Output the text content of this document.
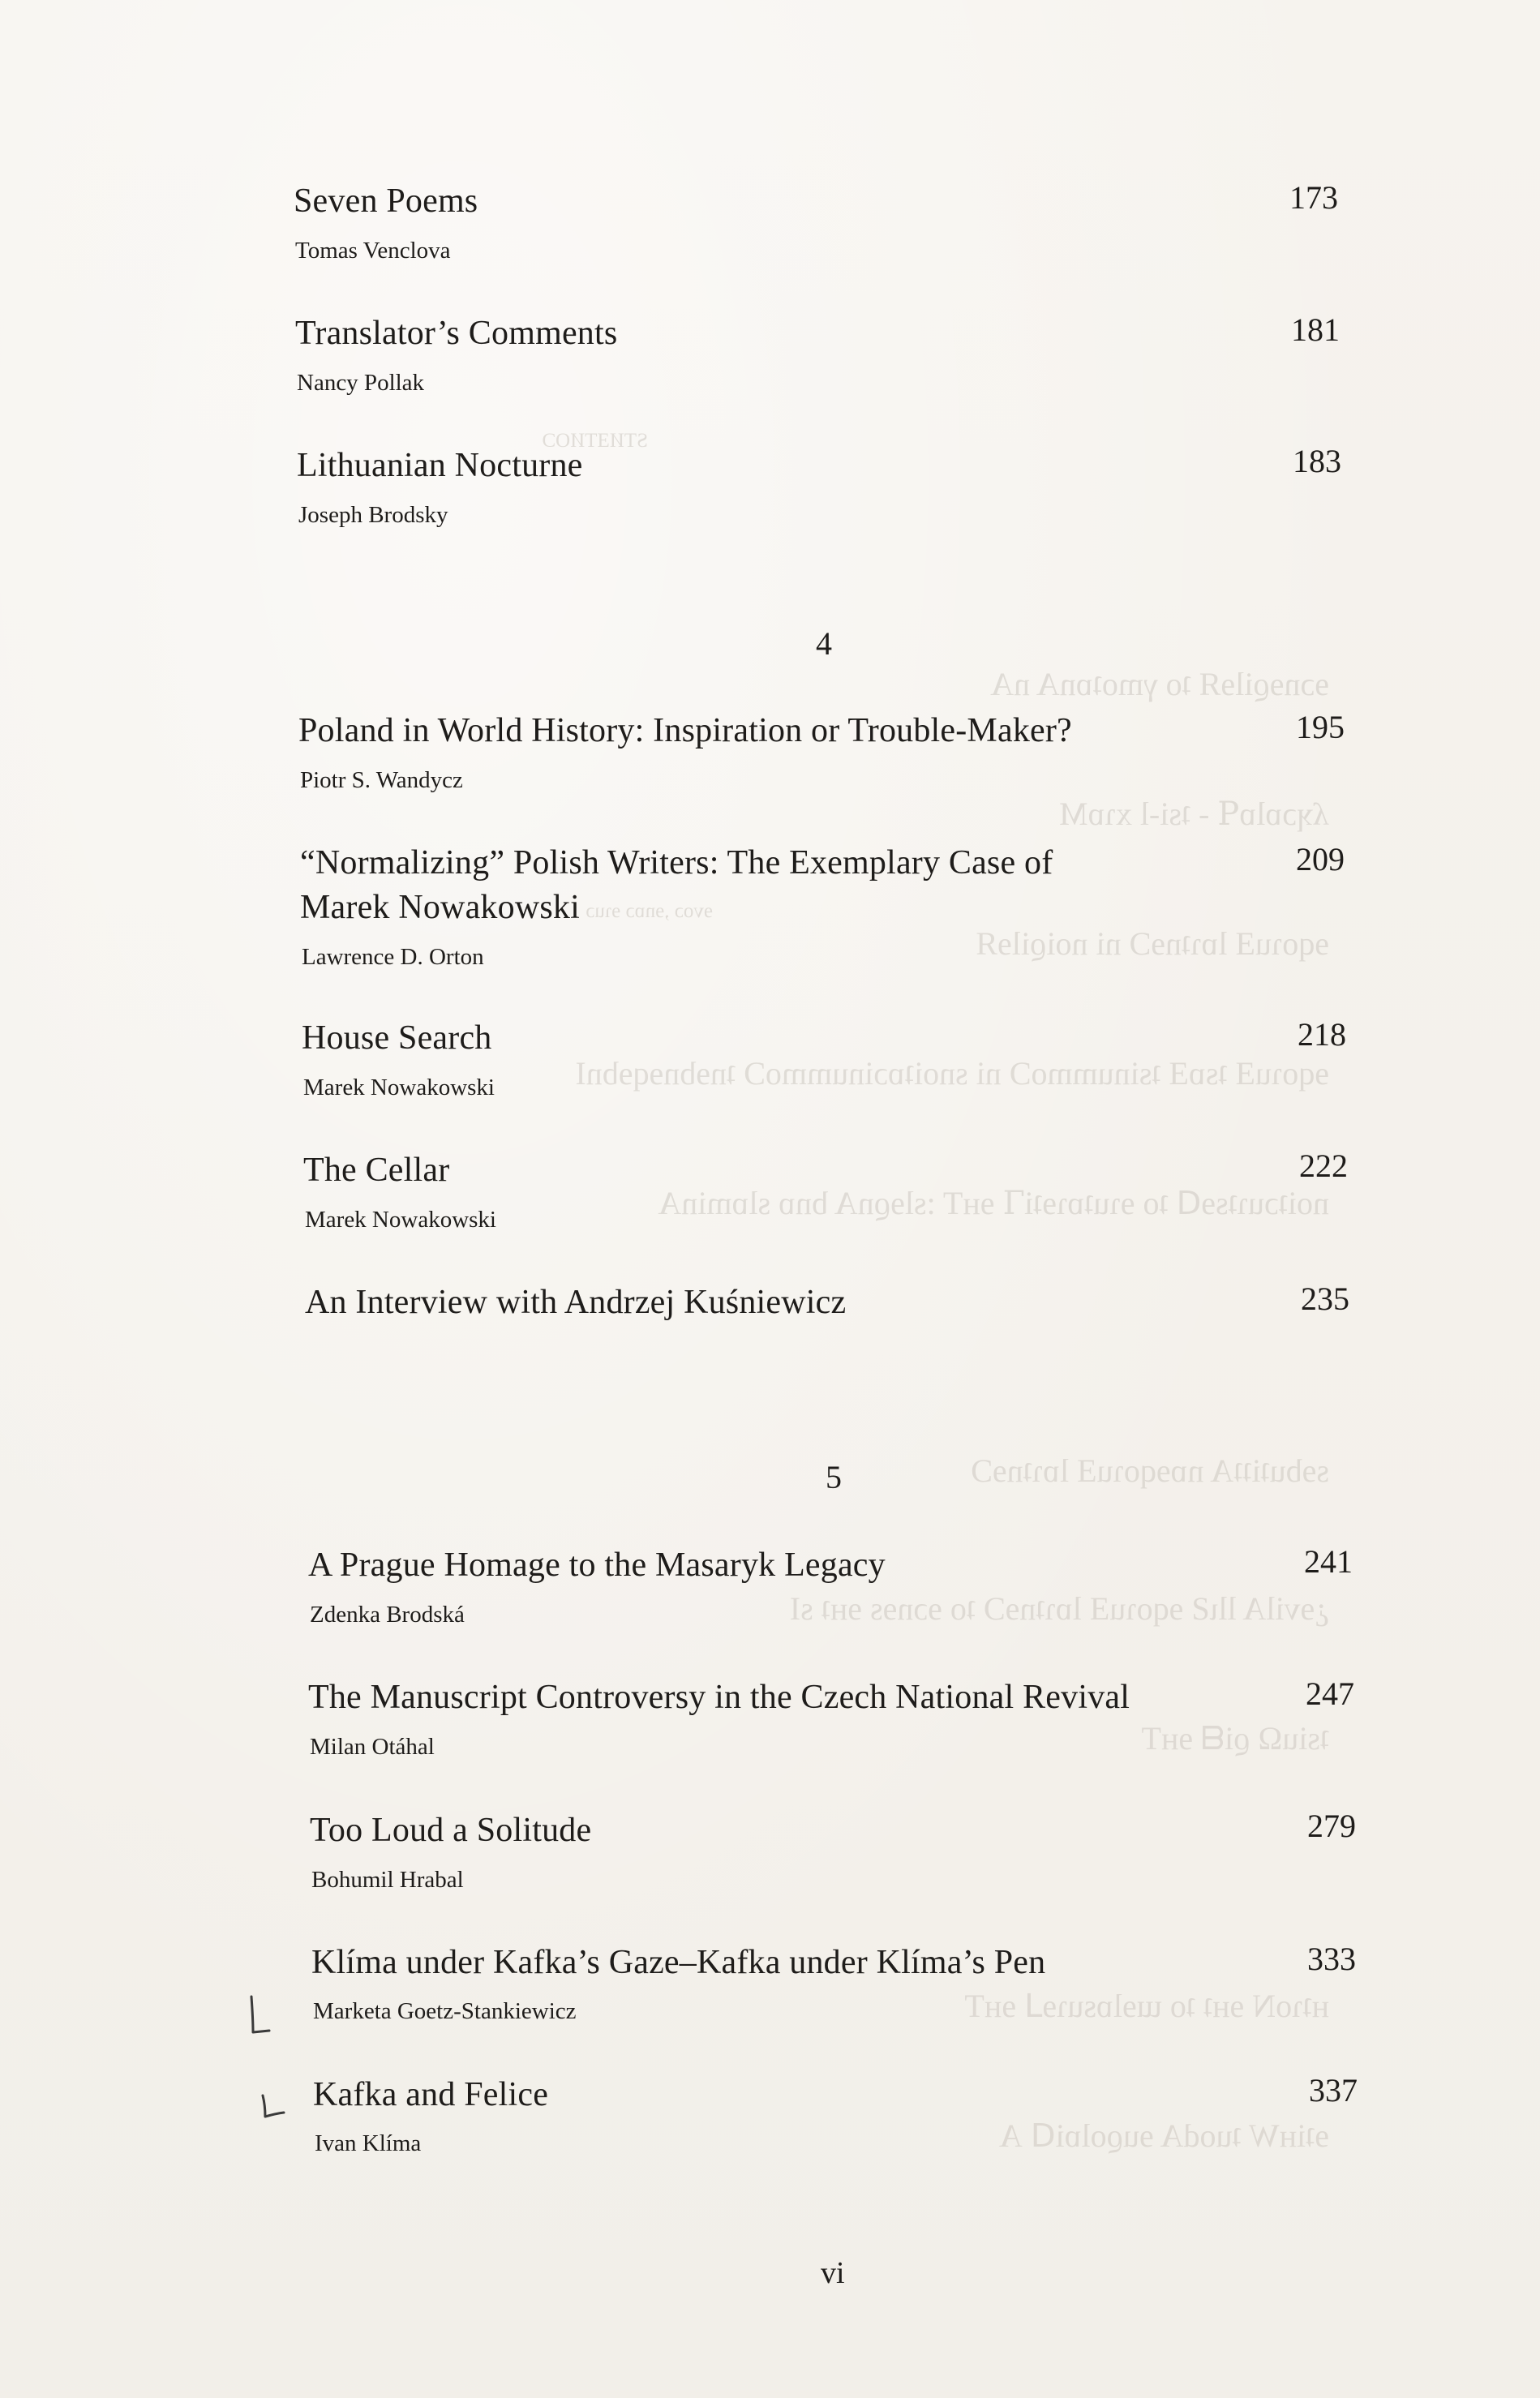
ɘɔnɘϱilɘЯ ʇo γmoʇɒnA nA
ʎʞɔɒlɒꟼ - ʇsi-l xɿɒM
ɘqoɿuƎ lɒɿʇnɘϽ ni noiϱilɘЯ
ɘqoɿuƎ ʇsɒƎ ʇsinummoϽ ni snoiʇɒɔinummoϽ ʇnɘbnɘqɘbnI
noiʇɔuɿʇsɘᗡ ʇo ɘɿuʇɒɿɘʇiꞀ ɘʜT :slɘϱnA bnɒ slɒminA
sɘbuʇiʇʇA nɒɘqoɿuƎ lɒɿʇnɘϽ
¿ɘvilA llɩƧ ɘqoɿuƎ lɒɿʇnɘϽ ʇo ɘɔnɘs ɘʜʇ sI
ʇsiuΩ ϱiᗺ ɘʜT
ʜʇɿoN ɘʜʇ ʇo ɯɘlɒsuɿɘ⅃ ɘʜT
ɘʇiʜW ʇuodA ɘuϱolɒiᗡ A
STИƎTИOϽ
ɘvoɔ ,ɘnɒɔ ɘɿuɔ
Seven Poems
Tomas Venclova
173
Translator’s Comments
Nancy Pollak
181
Lithuanian Nocturne
Joseph Brodsky
183
4
Poland in World History: Inspiration or Trouble-Maker?
Piotr S. Wandycz
195
“Normalizing” Polish Writers: The Exemplary Case of
Marek Nowakowski
Lawrence D. Orton
209
House Search
Marek Nowakowski
218
The Cellar
Marek Nowakowski
222
An Interview with Andrzej Kuśniewicz	235
5
A Prague Homage to the Masaryk Legacy
Zdenka Brodská
241
The Manuscript Controversy in the Czech National Revival
Milan Otáhal
247
Too Loud a Solitude
Bohumil Hrabal
279
Klíma under Kafka’s Gaze–Kafka under Klíma’s Pen
Marketa Goetz-Stankiewicz
333
Kafka and Felice
Ivan Klíma
337
vi
